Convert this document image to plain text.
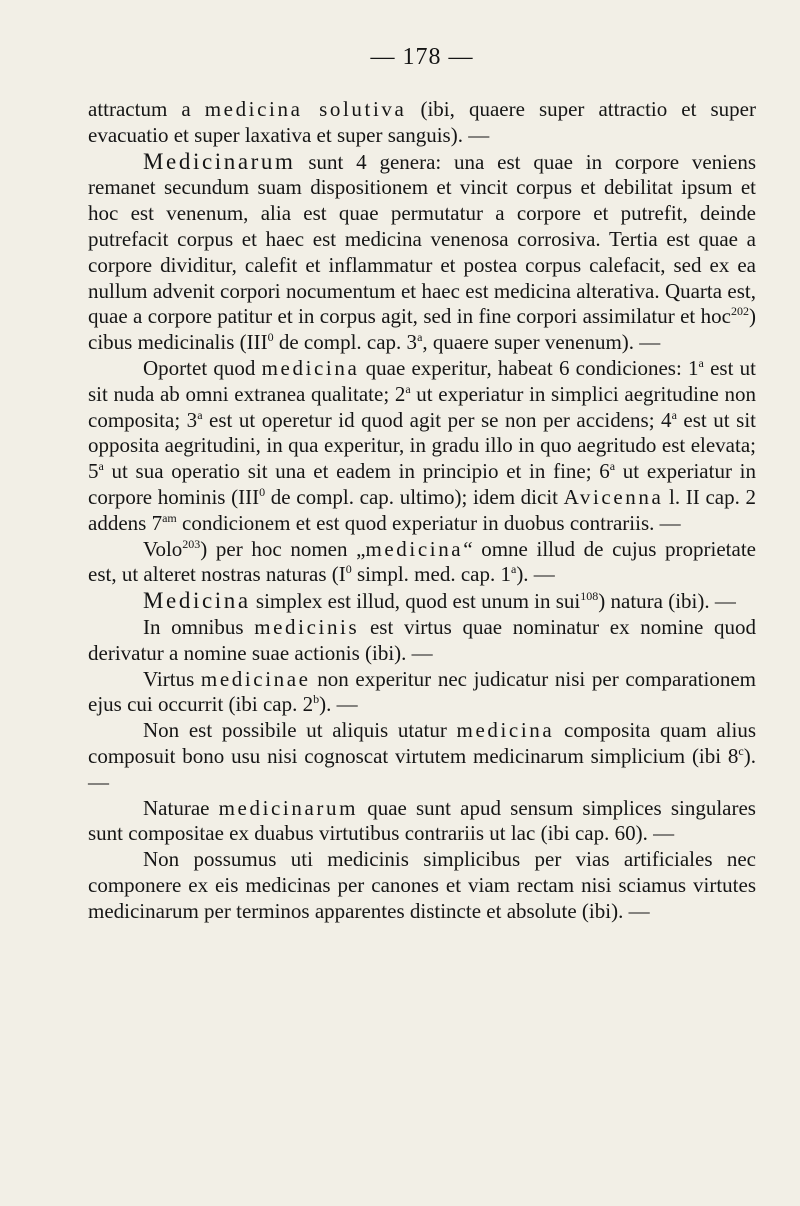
— 178 —

attractum a medicina solutiva (ibi, quaere super attractio et super evacuatio et super laxativa et super sanguis). —

Medicinarum sunt 4 genera: una est quae in corpore veniens remanet secundum suam dispositionem et vincit corpus et debilitat ipsum et hoc est venenum, alia est quae permutatur a corpore et putrefit, deinde putrefacit corpus et haec est medicina venenosa corrosiva. Tertia est quae a corpore dividitur, calefit et inflammatur et postea corpus calefacit, sed ex ea nullum advenit corpori nocumentum et haec est medicina alterativa. Quarta est, quae a corpore patitur et in corpus agit, sed in fine corpori assimilatur et hoc$^{202}$) cibus medicinalis (III$^0$ de compl. cap. 3$^a$, quaere super venenum). —

Oportet quod medicina quae experitur, habeat 6 condiciones: 1$^a$ est ut sit nuda ab omni extranea qualitate; 2$^a$ ut experiatur in simplici aegritudine non composita; 3$^a$ est ut operetur id quod agit per se non per accidens; 4$^a$ est ut sit opposita aegritudini, in qua experitur, in gradu illo in quo aegritudo est elevata; 5$^a$ ut sua operatio sit una et eadem in principio et in fine; 6$^a$ ut experiatur in corpore hominis (III$^0$ de compl. cap. ultimo); idem dicit Avicenna l. II cap. 2 addens $7^{am}$ condicionem et est quod experiatur in duobus contrariis. —

Volo$^{203}$) per hoc nomen „medicina“ omne illud de cujus proprietate est, ut alteret nostras naturas ($I^0$ simpl. med. cap. 1$^a$). —

Medicina simplex est illud, quod est unum in sui$^{108}$) natura (ibi). —

In omnibus medicinis est virtus quae nominatur ex nomine quod derivatur a nomine suae actionis (ibi). —

Virtus medicinae non experitur nec judicatur nisi per comparationem ejus cui occurrit (ibi cap. 2$^b$). —

Non est possibile ut aliquis utatur medicina composita quam alius composuit bono usu nisi cognoscat virtutem medicinarum simplicium (ibi 8$^c$). —

Naturae medicinarum quae sunt apud sensum simplices singulares sunt compositae ex duabus virtutibus contrariis ut lac (ibi cap. 60). —

Non possumus uti medicinis simplicibus per vias artificiales nec componere ex eis medicinas per canones et viam rectam nisi sciamus virtutes medicinarum per terminos apparentes distincte et absolute (ibi). —
